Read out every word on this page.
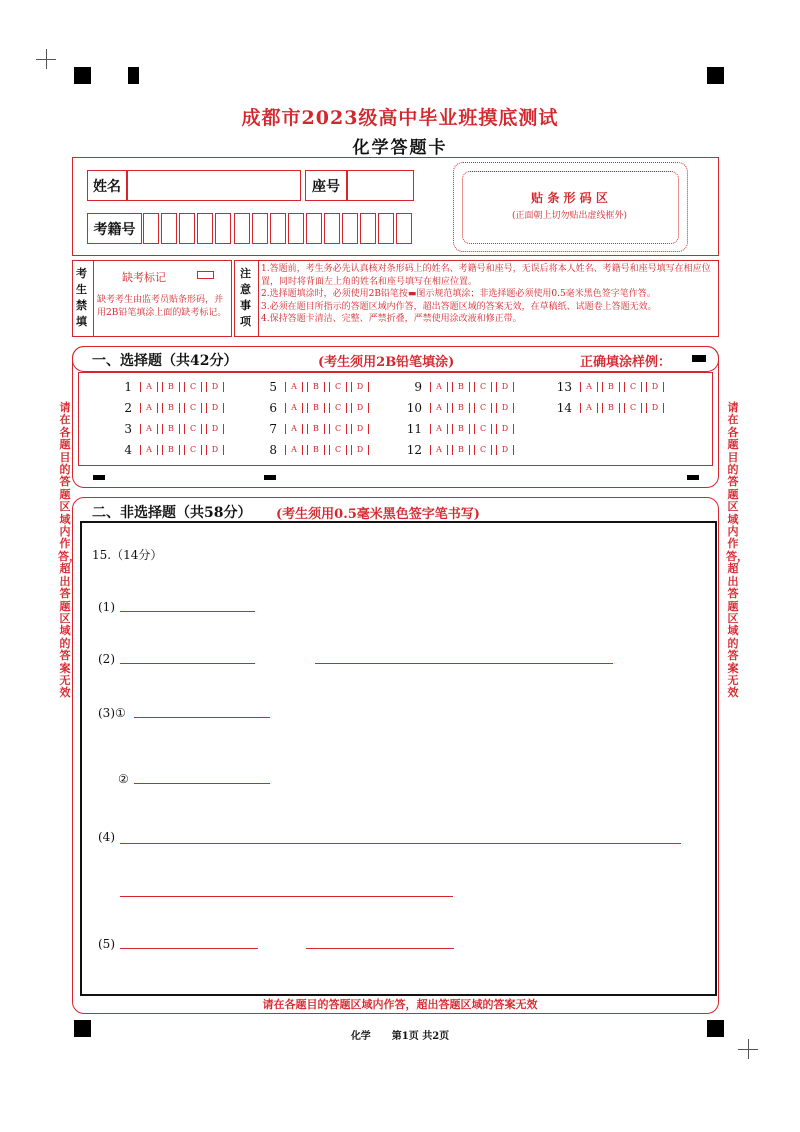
成都市2023级高中毕业班摸底测试
化学答题卡
姓名	座号
考籍号
贴 条 形 码 区
(正面朝上切勿贴出虚线框外)
考生禁填
缺考标记
缺考考生由监考员贴条形码，并用2B铅笔填涂上面的缺考标记。
注意事项
1.答题前，考生务必先认真核对条形码上的姓名、考籍号和座号，无误后将本人姓名、考籍号和座号填写在相应位置，同时将背面左上角的姓名和座号填写在相应位置。
2.选择题填涂时，必须使用2B铅笔按▬图示规范填涂；非选择题必须使用0.5毫米黑色签字笔作答。
3.必须在题目所指示的答题区域内作答，超出答题区域的答案无效，在草稿纸、试题卷上答题无效。
4.保持答题卡清洁、完整、严禁折叠，严禁使用涂改液和修正带。
请在各题目的答题区域内作答，超出答题区域的答案无效
请在各题目的答题区域内作答，超出答题区域的答案无效
一、选择题（共42分）	(考生须用2B铅笔填涂)	正确填涂样例：
1	A	B	C	D
2	A	B	C	D
3	A	B	C	D
4	A	B	C	D
5	A	B	C	D
6	A	B	C	D
7	A	B	C	D
8	A	B	C	D
9	A	B	C	D
10	A	B	C	D
11	A	B	C	D
12	A	B	C	D
13	A	B	C	D
14	A	B	C	D
二、非选择题（共58分） (考生须用0.5毫米黑色签字笔书写)
15.（14分）
(1)
(2)
(3)①
②
(4)
(5)
请在各题目的答题区域内作答，超出答题区域的答案无效
化学 第1页 共2页
